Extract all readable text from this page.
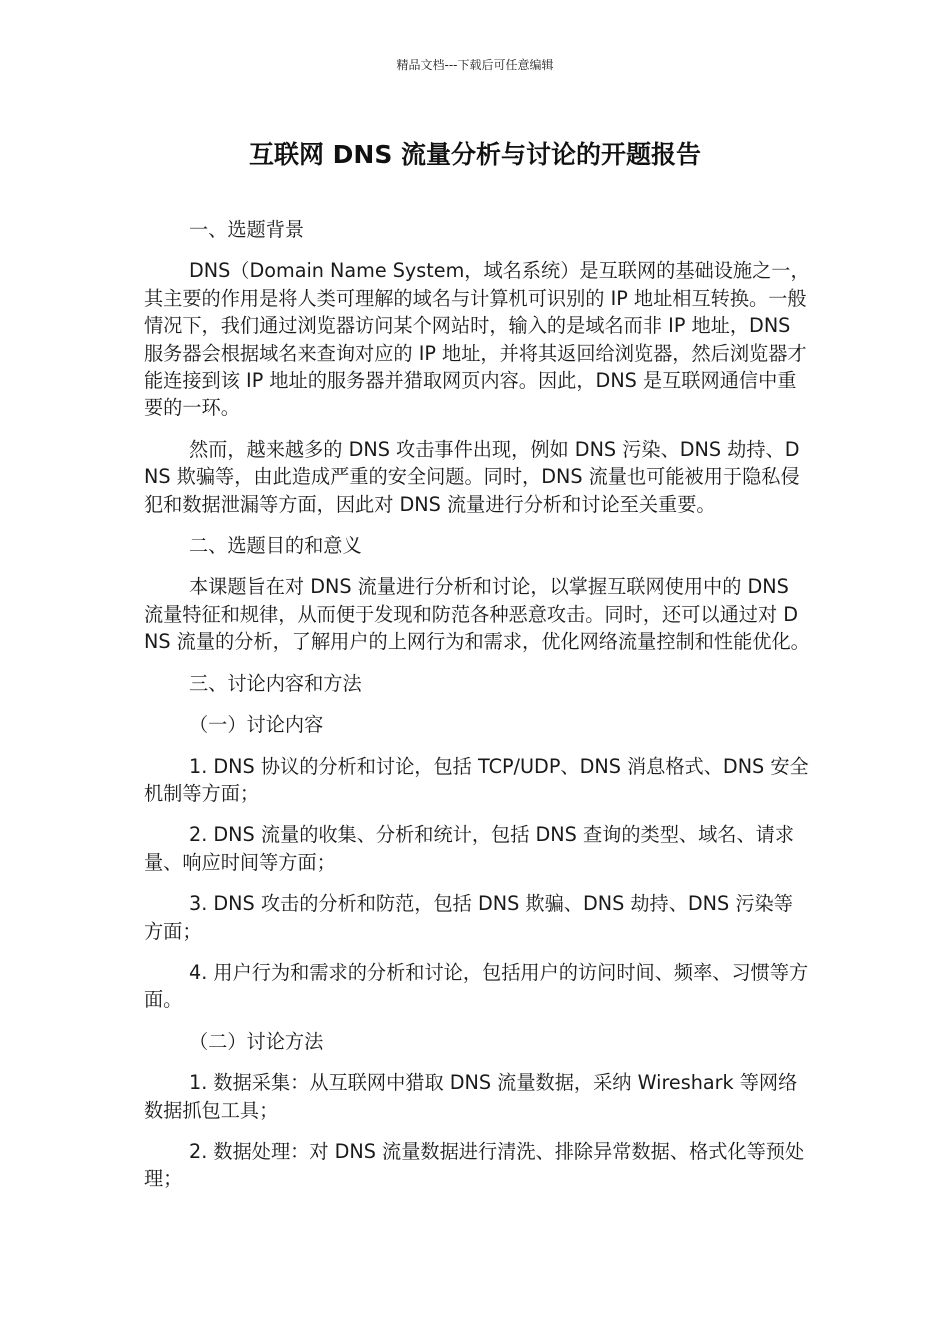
精品文档---下载后可任意编辑
互联网 DNS 流量分析与讨论的开题报告

一、选题背景

DNS（Domain Name System，域名系统）是互联网的基础设施之一，其主要的作用是将人类可理解的域名与计算机可识别的 IP 地址相互转换。一般情况下，我们通过浏览器访问某个网站时，输入的是域名而非 IP 地址，DNS 服务器会根据域名来查询对应的 IP 地址，并将其返回给浏览器，然后浏览器才能连接到该 IP 地址的服务器并猎取网页内容。因此，DNS 是互联网通信中重要的一环。

然而，越来越多的 DNS 攻击事件出现，例如 DNS 污染、DNS 劫持、DNS 欺骗等，由此造成严重的安全问题。同时，DNS 流量也可能被用于隐私侵犯和数据泄漏等方面，因此对 DNS 流量进行分析和讨论至关重要。

二、选题目的和意义

本课题旨在对 DNS 流量进行分析和讨论，以掌握互联网使用中的 DNS 流量特征和规律，从而便于发现和防范各种恶意攻击。同时，还可以通过对 DNS 流量的分析，了解用户的上网行为和需求，优化网络流量控制和性能优化。

三、讨论内容和方法

（一）讨论内容

1. DNS 协议的分析和讨论，包括 TCP/UDP、DNS 消息格式、DNS 安全机制等方面；

2. DNS 流量的收集、分析和统计，包括 DNS 查询的类型、域名、请求量、响应时间等方面；

3. DNS 攻击的分析和防范，包括 DNS 欺骗、DNS 劫持、DNS 污染等方面；

4. 用户行为和需求的分析和讨论，包括用户的访问时间、频率、习惯等方面。

（二）讨论方法

1. 数据采集：从互联网中猎取 DNS 流量数据，采纳 Wireshark 等网络数据抓包工具；

2. 数据处理：对 DNS 流量数据进行清洗、排除异常数据、格式化等预处理；
